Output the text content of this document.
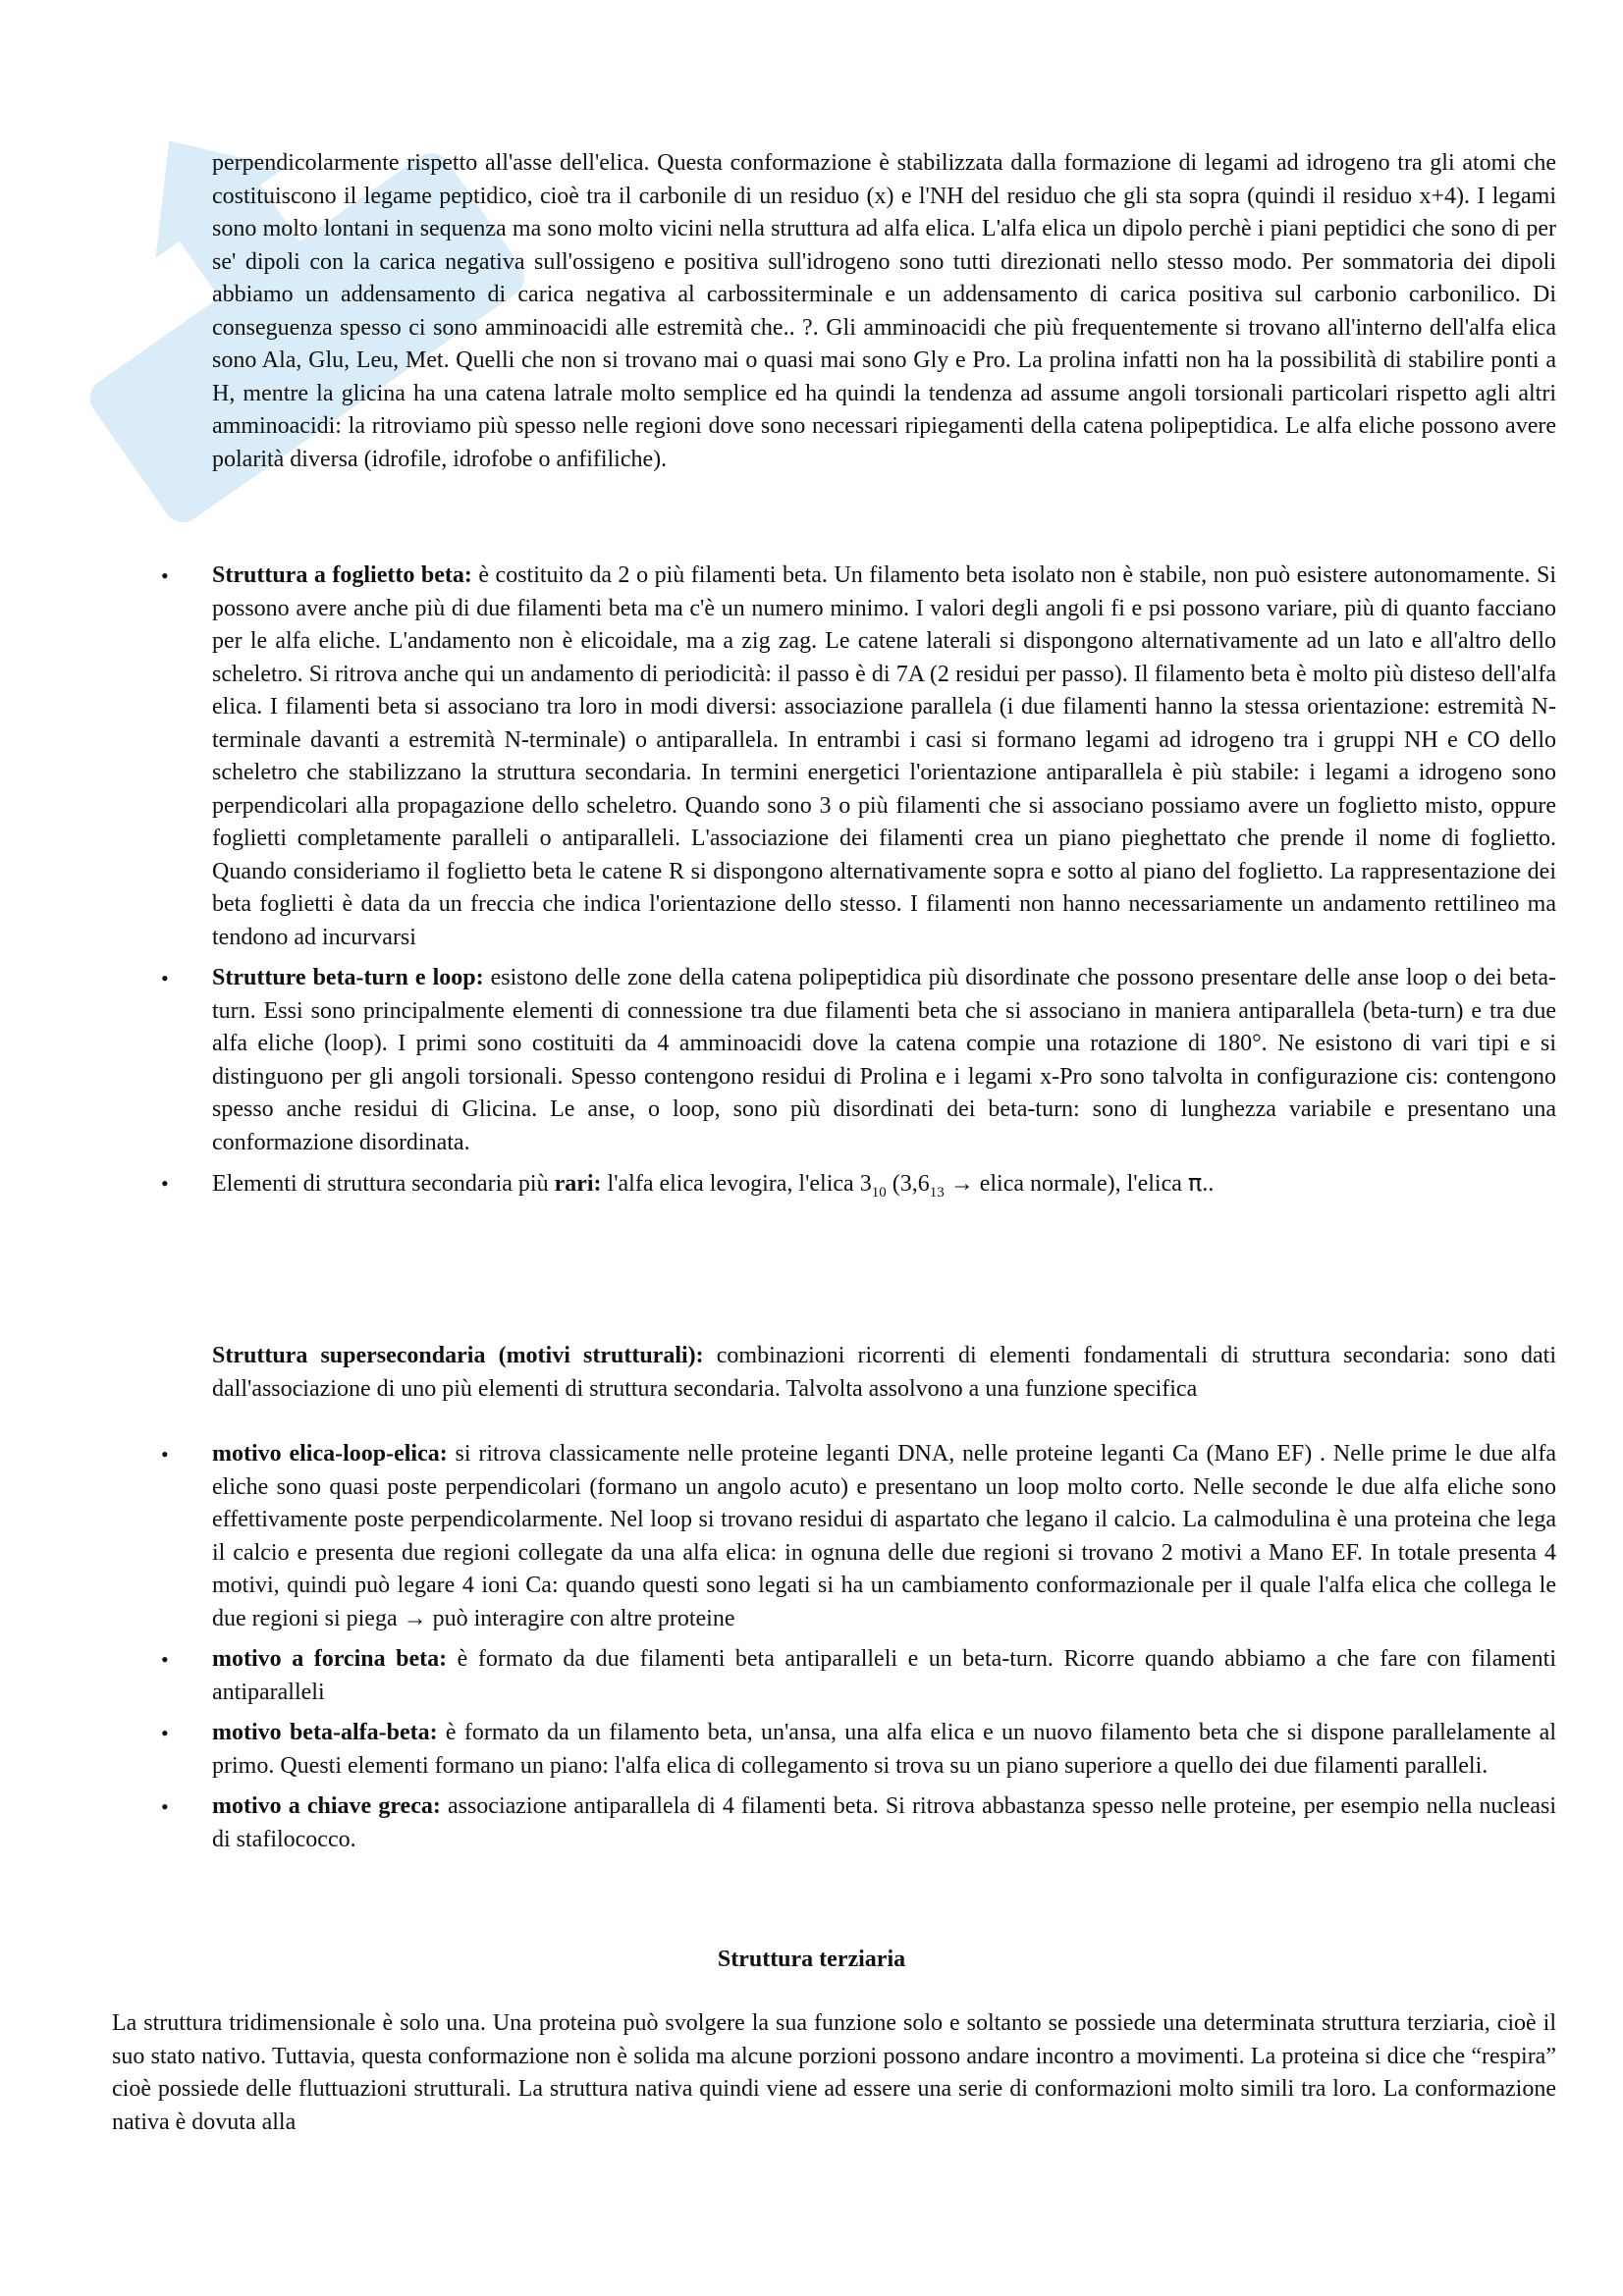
perpendicolarmente rispetto all'asse dell'elica. Questa conformazione è stabilizzata dalla formazione di legami ad idrogeno tra gli atomi che costituiscono il legame peptidico, cioè tra il carbonile di un residuo (x) e l'NH del residuo che gli sta sopra (quindi il residuo x+4). I legami sono molto lontani in sequenza ma sono molto vicini nella struttura ad alfa elica. L'alfa elica un dipolo perchè i piani peptidici che sono di per se' dipoli con la carica negativa sull'ossigeno e positiva sull'idrogeno sono tutti direzionati nello stesso modo. Per sommatoria dei dipoli abbiamo un addensamento di carica negativa al carbossiterminale e un addensamento di carica positiva sul carbonio carbonilico. Di conseguenza spesso ci sono amminoacidi alle estremità che.. ?. Gli amminoacidi che più frequentemente si trovano all'interno dell'alfa elica sono Ala, Glu, Leu, Met. Quelli che non si trovano mai o quasi mai sono Gly e Pro. La prolina infatti non ha la possibilità di stabilire ponti a H, mentre la glicina ha una catena latrale molto semplice ed ha quindi la tendenza ad assume angoli torsionali particolari rispetto agli altri amminoacidi: la ritroviamo più spesso nelle regioni dove sono necessari ripiegamenti della catena polipeptidica. Le alfa eliche possono avere polarità diversa (idrofile, idrofobe o anfifiliche).
• Struttura a foglietto beta: è costituito da 2 o più filamenti beta. Un filamento beta isolato non è stabile, non può esistere autonomamente. Si possono avere anche più di due filamenti beta ma c'è un numero minimo. I valori degli angoli fi e psi possono variare, più di quanto facciano per le alfa eliche. L'andamento non è elicoidale, ma a zig zag. Le catene laterali si dispongono alternativamente ad un lato e all'altro dello scheletro. Si ritrova anche qui un andamento di periodicità: il passo è di 7A (2 residui per passo). Il filamento beta è molto più disteso dell'alfa elica. I filamenti beta si associano tra loro in modi diversi: associazione parallela (i due filamenti hanno la stessa orientazione: estremità N-terminale davanti a estremità N-terminale) o antiparallela. In entrambi i casi si formano legami ad idrogeno tra i gruppi NH e CO dello scheletro che stabilizzano la struttura secondaria. In termini energetici l'orientazione antiparallela è più stabile: i legami a idrogeno sono perpendicolari alla propagazione dello scheletro. Quando sono 3 o più filamenti che si associano possiamo avere un foglietto misto, oppure foglietti completamente paralleli o antiparalleli. L'associazione dei filamenti crea un piano pieghettato che prende il nome di foglietto. Quando consideriamo il foglietto beta le catene R si dispongono alternativamente sopra e sotto al piano del foglietto. La rappresentazione dei beta foglietti è data da un freccia che indica l'orientazione dello stesso. I filamenti non hanno necessariamente un andamento rettilineo ma tendono ad incurvarsi
• Strutture beta-turn e loop: esistono delle zone della catena polipeptidica più disordinate che possono presentare delle anse loop o dei beta-turn. Essi sono principalmente elementi di connessione tra due filamenti beta che si associano in maniera antiparallela (beta-turn) e tra due alfa eliche (loop). I primi sono costituiti da 4 amminoacidi dove la catena compie una rotazione di 180°. Ne esistono di vari tipi e si distinguono per gli angoli torsionali. Spesso contengono residui di Prolina e i legami x-Pro sono talvolta in configurazione cis: contengono spesso anche residui di Glicina. Le anse, o loop, sono più disordinati dei beta-turn: sono di lunghezza variabile e presentano una conformazione disordinata.
• Elementi di struttura secondaria più rari: l'alfa elica levogira, l'elica $3_{10}$ ($3,6_{13}$ → elica normale), l'elica π..
Struttura supersecondaria (motivi strutturali): combinazioni ricorrenti di elementi fondamentali di struttura secondaria: sono dati dall'associazione di uno più elementi di struttura secondaria. Talvolta assolvono a una funzione specifica
• motivo elica-loop-elica: si ritrova classicamente nelle proteine leganti DNA, nelle proteine leganti Ca (Mano EF) . Nelle prime le due alfa eliche sono quasi poste perpendicolari (formano un angolo acuto) e presentano un loop molto corto. Nelle seconde le due alfa eliche sono effettivamente poste perpendicolarmente. Nel loop si trovano residui di aspartato che legano il calcio. La calmodulina è una proteina che lega il calcio e presenta due regioni collegate da una alfa elica: in ognuna delle due regioni si trovano 2 motivi a Mano EF. In totale presenta 4 motivi, quindi può legare 4 ioni Ca: quando questi sono legati si ha un cambiamento conformazionale per il quale l'alfa elica che collega le due regioni si piega → può interagire con altre proteine
• motivo a forcina beta: è formato da due filamenti beta antiparalleli e un beta-turn. Ricorre quando abbiamo a che fare con filamenti antiparalleli
• motivo beta-alfa-beta: è formato da un filamento beta, un'ansa, una alfa elica e un nuovo filamento beta che si dispone parallelamente al primo. Questi elementi formano un piano: l'alfa elica di collegamento si trova su un piano superiore a quello dei due filamenti paralleli.
• motivo a chiave greca: associazione antiparallela di 4 filamenti beta. Si ritrova abbastanza spesso nelle proteine, per esempio nella nucleasi di stafilococco.
Struttura terziaria
La struttura tridimensionale è solo una. Una proteina può svolgere la sua funzione solo e soltanto se possiede una determinata struttura terziaria, cioè il suo stato nativo. Tuttavia, questa conformazione non è solida ma alcune porzioni possono andare incontro a movimenti. La proteina si dice che “respira” cioè possiede delle fluttuazioni strutturali. La struttura nativa quindi viene ad essere una serie di conformazioni molto simili tra loro. La conformazione nativa è dovuta alla
